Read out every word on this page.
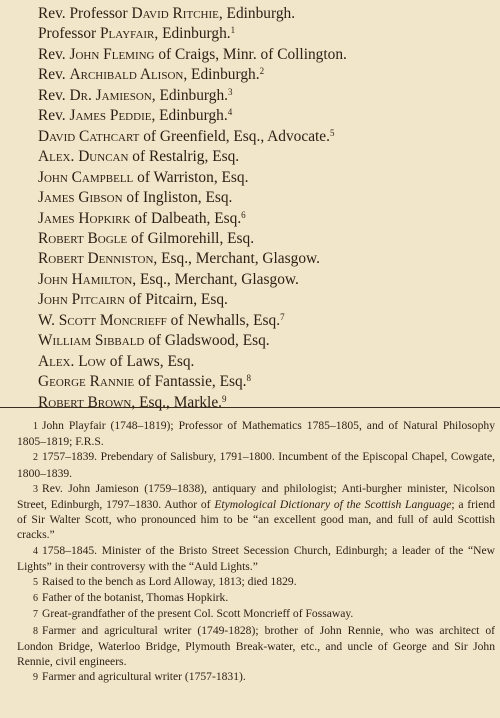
Rev. Professor David Ritchie, Edinburgh.
Professor Playfair, Edinburgh.$^1$
Rev. John Fleming of Craigs, Minr. of Collington.
Rev. Archibald Alison, Edinburgh.$^2$
Rev. Dr. Jamieson, Edinburgh.$^3$
Rev. James Peddie, Edinburgh.$^4$
David Cathcart of Greenfield, Esq., Advocate.$^5$
Alex. Duncan of Restalrig, Esq.
John Campbell of Warriston, Esq.
James Gibson of Ingliston, Esq.
James Hopkirk of Dalbeath, Esq.$^6$
Robert Bogle of Gilmorehill, Esq.
Robert Denniston, Esq., Merchant, Glasgow.
John Hamilton, Esq., Merchant, Glasgow.
John Pitcairn of Pitcairn, Esq.
W. Scott Moncrieff of Newhalls, Esq.$^7$
William Sibbald of Gladswood, Esq.
Alex. Low of Laws, Esq.
George Rannie of Fantassie, Esq.$^8$
Robert Brown, Esq., Markle.$^9$

1 John Playfair (1748–1819); Professor of Mathematics 1785–1805, and of Natural Philosophy 1805–1819; F.R.S.

2 1757–1839. Prebendary of Salisbury, 1791–1800. Incumbent of the Episcopal Chapel, Cowgate, 1800–1839.

3 Rev. John Jamieson (1759–1838), antiquary and philologist; Anti-burgher minister, Nicolson Street, Edinburgh, 1797–1830. Author of Etymological Dictionary of the Scottish Language; a friend of Sir Walter Scott, who pronounced him to be “an excellent good man, and full of auld Scottish cracks.”

4 1758–1845. Minister of the Bristo Street Secession Church, Edinburgh; a leader of the “New Lights” in their controversy with the “Auld Lights.”

5 Raised to the bench as Lord Alloway, 1813; died 1829.

6 Father of the botanist, Thomas Hopkirk.

7 Great-grandfather of the present Col. Scott Moncrieff of Fossaway.

8 Farmer and agricultural writer (1749-1828); brother of John Rennie, who was architect of London Bridge, Waterloo Bridge, Plymouth Break-water, etc., and uncle of George and Sir John Rennie, civil engineers.

9 Farmer and agricultural writer (1757-1831).
